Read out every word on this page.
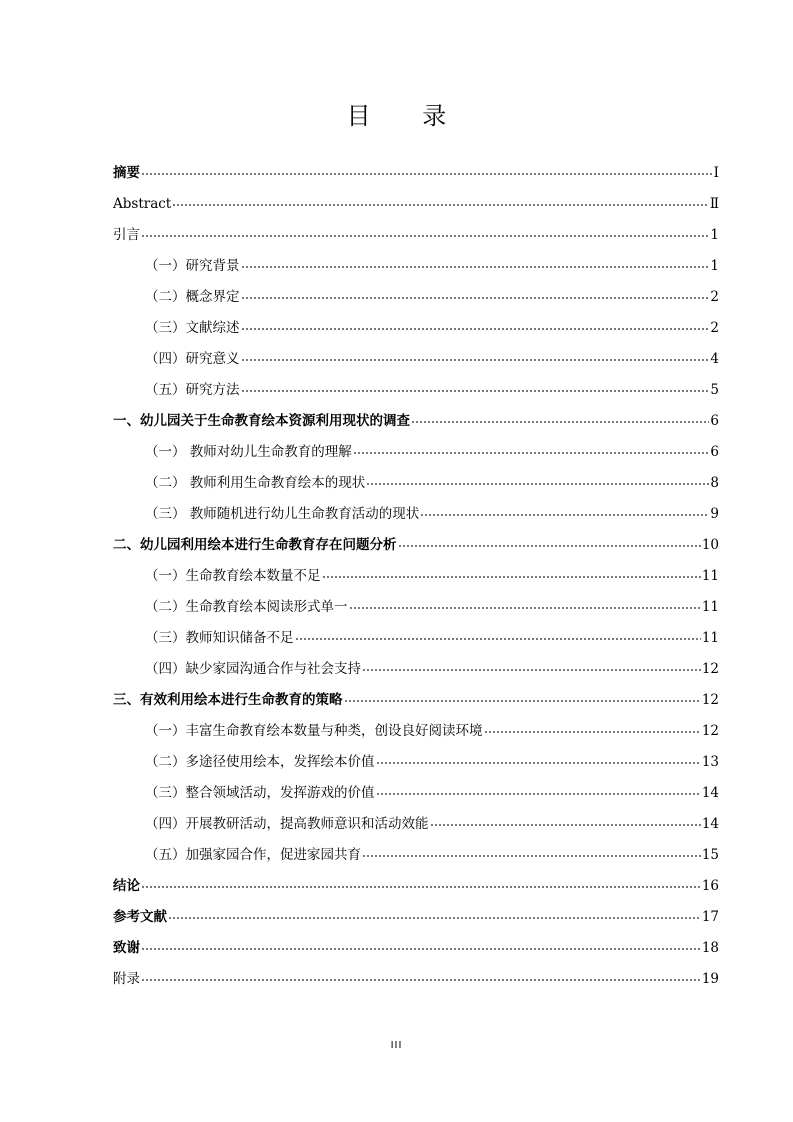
目 录
摘要	Ⅰ
Abstract	Ⅱ
引言	1
（一）研究背景	1
（二）概念界定	2
（三）文献综述	2
（四）研究意义	4
（五）研究方法	5
一、幼儿园关于生命教育绘本资源利用现状的调查	6
（一） 教师对幼儿生命教育的理解	6
（二） 教师利用生命教育绘本的现状	8
（三） 教师随机进行幼儿生命教育活动的现状	9
二、幼儿园利用绘本进行生命教育存在问题分析	10
（一）生命教育绘本数量不足	11
（二）生命教育绘本阅读形式单一	11
（三）教师知识储备不足	11
（四）缺少家园沟通合作与社会支持	12
三、有效利用绘本进行生命教育的策略	12
（一）丰富生命教育绘本数量与种类，创设良好阅读环境	12
（二）多途径使用绘本，发挥绘本价值	13
（三）整合领域活动，发挥游戏的价值	14
（四）开展教研活动，提高教师意识和活动效能	14
（五）加强家园合作，促进家园共育	15
结论	16
参考文献	17
致谢	18
附录	19
III
